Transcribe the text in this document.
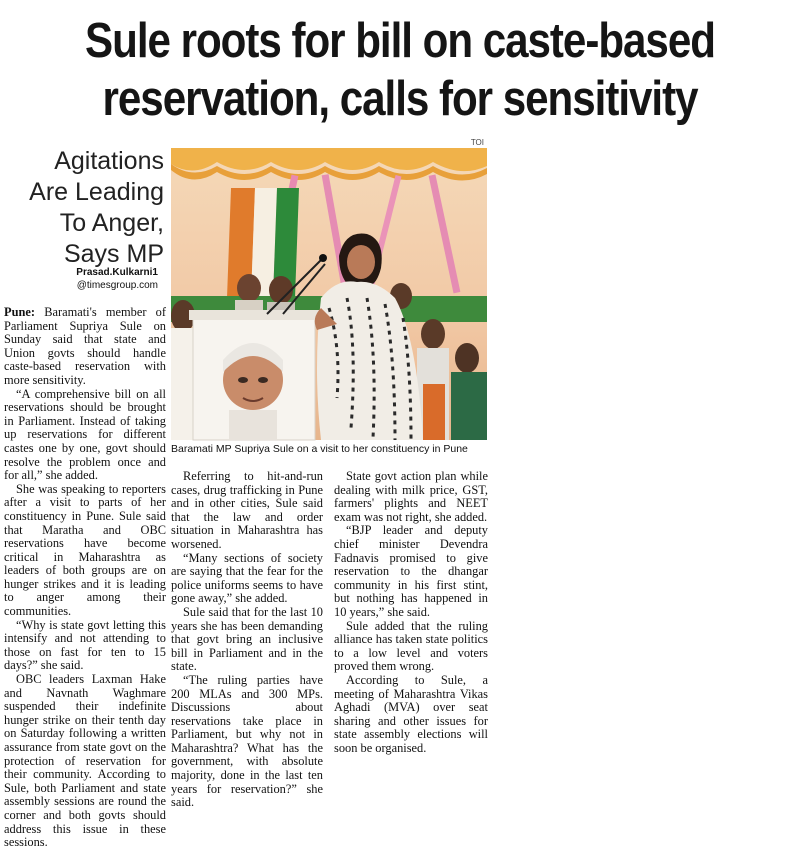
Sule roots for bill on caste-based
reservation, calls for sensitivity
TOI
Baramati MP Supriya Sule on a visit to her constituency in Pune
Agitations
Are Leading
To Anger,
Says MP
Prasad.Kulkarni1
@timesgroup.com

Pune: Baramati's member of Parliament Supriya Sule on Sunday said that state and Union govts should handle caste-based reservation with more sensitivity.

“A comprehensive bill on all reservations should be brought in Parliament. Instead of taking up reservations for different castes one by one, govt should resolve the problem once and for all,” she added.

She was speaking to reporters after a visit to parts of her constituency in Pune. Sule said that Maratha and OBC reservations have become critical in Maharashtra as leaders of both groups are on hunger strikes and it is leading to anger among their communities.

“Why is state govt letting this intensify and not attending to those on fast for ten to 15 days?” she said.

OBC leaders Laxman Hake and Navnath Waghmare suspended their indefinite hunger strike on their tenth day on Saturday following a written assurance from state govt on the protection of reservation for their community. According to Sule, both Parliament and state assembly sessions are round the corner and both govts should address this issue in these sessions.

Referring to hit-and-run cases, drug trafficking in Pune and in other cities, Sule said that the law and order situation in Maharashtra has worsened.

“Many sections of society are saying that the fear for the police uniforms seems to have gone away,” she added.

Sule said that for the last 10 years she has been demanding that govt bring an inclusive bill in Parliament and in the state.

“The ruling parties have 200 MLAs and 300 MPs. Discussions about reservations take place in Parliament, but why not in Maharashtra? What has the government, with absolute majority, done in the last ten years for reservation?” she said.

State govt action plan while dealing with milk price, GST, farmers' plights and NEET exam was not right, she added.

“BJP leader and deputy chief minister Devendra Fadnavis promised to give reservation to the dhangar community in his first stint, but nothing has happened in 10 years,” she said.

Sule added that the ruling alliance has taken state politics to a low level and voters proved them wrong.

According to Sule, a meeting of Maharashtra Vikas Aghadi (MVA) over seat sharing and other issues for state assembly elections will soon be organised.
